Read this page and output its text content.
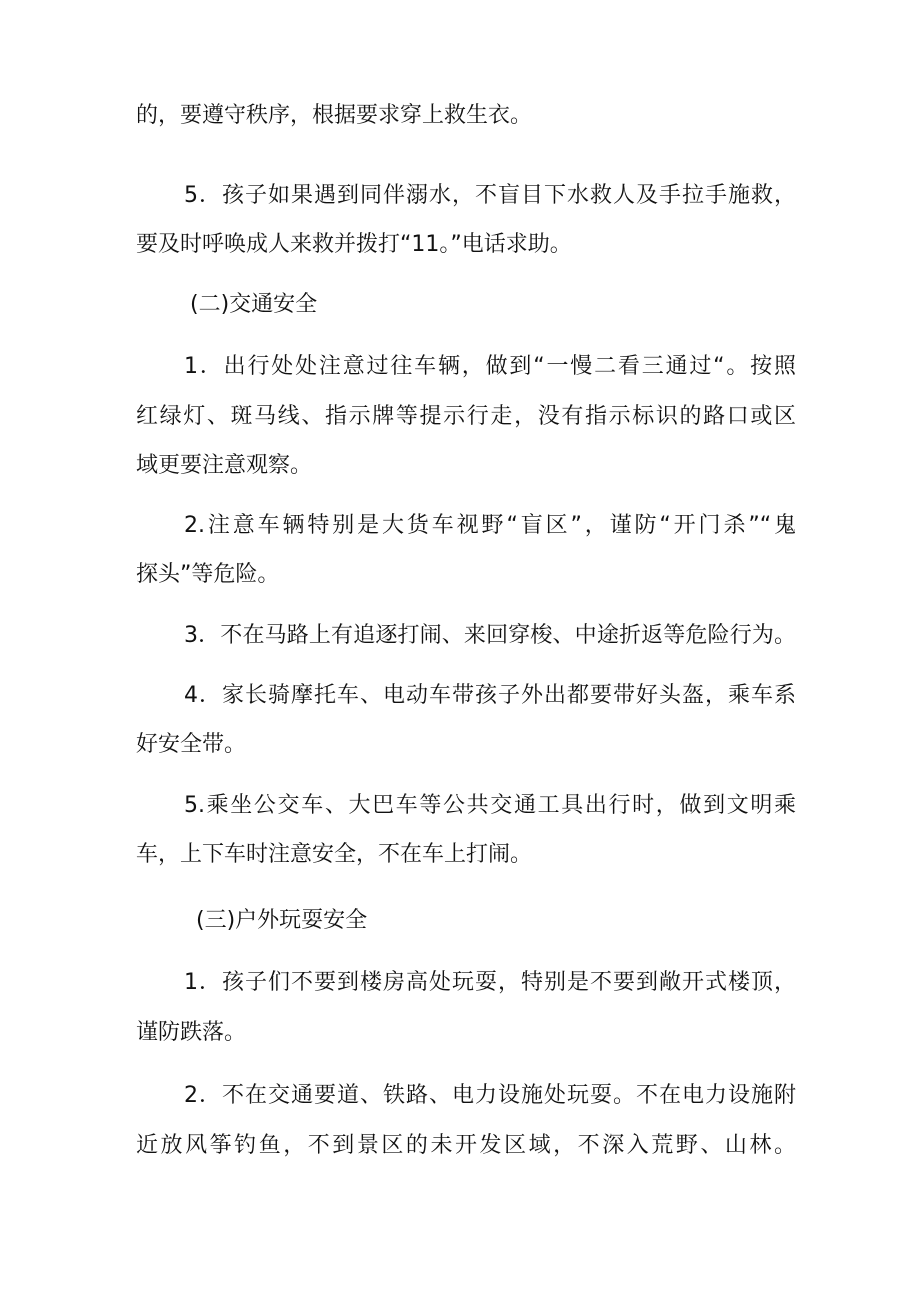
的，要遵守秩序，根据要求穿上救生衣。
5．孩子如果遇到同伴溺水，不盲目下水救人及手拉手施救，
要及时呼唤成人来救并拨打“11。”电话求助。
(二)交通安全
1．出行处处注意过往车辆，做到“一慢二看三通过“。按照
红绿灯、斑马线、指示牌等提示行走，没有指示标识的路口或区
域更要注意观察。
2.注意车辆特别是大货车视野“盲区”，谨防“开门杀”“鬼
探头”等危险。
3．不在马路上有追逐打闹、来回穿梭、中途折返等危险行为。
4．家长骑摩托车、电动车带孩子外出都要带好头盔，乘车系
好安全带。
5.乘坐公交车、大巴车等公共交通工具出行时，做到文明乘
车，上下车时注意安全，不在车上打闹。
(三)户外玩耍安全
1．孩子们不要到楼房高处玩耍，特别是不要到敞开式楼顶，
谨防跌落。
2．不在交通要道、铁路、电力设施处玩耍。不在电力设施附
近放风筝钓鱼，不到景区的未开发区域，不深入荒野、山林。
